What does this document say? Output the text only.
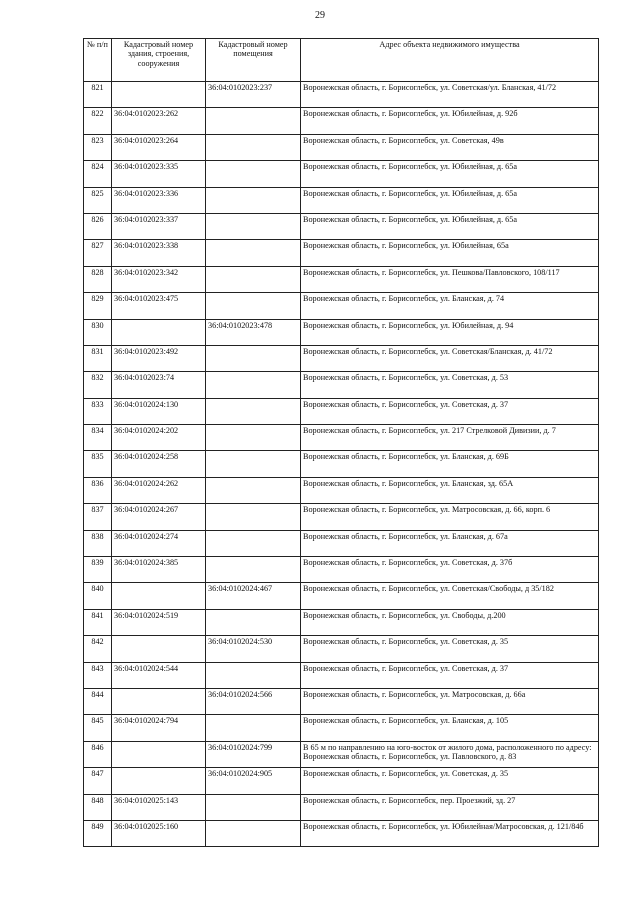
29
№ п/п	Кадастровый номер здания, строения, сооружения	Кадастровый номер помещения	Адрес объекта недвижимого имущества
821		36:04:0102023:237	Воронежская область, г. Борисоглебск, ул. Советская/ул. Бланская, 41/72
822	36:04:0102023:262		Воронежская область, г. Борисоглебск, ул. Юбилейная, д. 92б
823	36:04:0102023:264		Воронежская область, г. Борисоглебск, ул. Советская, 49в
824	36:04:0102023:335		Воронежская область, г. Борисоглебск, ул. Юбилейная, д. 65а
825	36:04:0102023:336		Воронежская область, г. Борисоглебск, ул. Юбилейная, д. 65а
826	36:04:0102023:337		Воронежская область, г. Борисоглебск, ул. Юбилейная, д. 65а
827	36:04:0102023:338		Воронежская область, г. Борисоглебск, ул. Юбилейная, 65а
828	36:04:0102023:342		Воронежская область, г. Борисоглебск, ул. Пешкова/Павловского, 108/117
829	36:04:0102023:475		Воронежская область, г. Борисоглебск, ул. Бланская, д. 74
830		36:04:0102023:478	Воронежская область, г. Борисоглебск, ул. Юбилейная, д. 94
831	36:04:0102023:492		Воронежская область, г. Борисоглебск, ул. Советская/Бланская, д. 41/72
832	36:04:0102023:74		Воронежская область, г. Борисоглебск, ул. Советская, д. 53
833	36:04:0102024:130		Воронежская область, г. Борисоглебск, ул. Советская, д. 37
834	36:04:0102024:202		Воронежская область, г. Борисоглебск, ул. 217 Стрелковой Дивизии, д. 7
835	36:04:0102024:258		Воронежская область, г. Борисоглебск, ул. Бланская, д. 69Б
836	36:04:0102024:262		Воронежская область, г. Борисоглебск, ул. Бланская, зд. 65А
837	36:04:0102024:267		Воронежская область, г. Борисоглебск, ул. Матросовская, д. 66, корп. 6
838	36:04:0102024:274		Воронежская область, г. Борисоглебск, ул. Бланская, д. 67а
839	36:04:0102024:385		Воронежская область, г. Борисоглебск, ул. Советская, д. 37б
840		36:04:0102024:467	Воронежская область, г. Борисоглебск, ул. Советская/Свободы, д 35/182
841	36:04:0102024:519		Воронежская область, г. Борисоглебск, ул. Свободы, д.200
842		36:04:0102024:530	Воронежская область, г. Борисоглебск, ул. Советская, д. 35
843	36:04:0102024:544		Воронежская область, г. Борисоглебск, ул. Советская, д. 37
844		36:04:0102024:566	Воронежская область, г. Борисоглебск, ул. Матросовская, д. 66а
845	36:04:0102024:794		Воронежская область, г. Борисоглебск, ул. Бланская, д. 105
846		36:04:0102024:799	В 65 м по направлению на юго-восток от жилого дома, расположенного по адресу: Воронежская область, г. Борисоглебск, ул. Павловского, д. 83
847		36:04:0102024:905	Воронежская область, г. Борисоглебск, ул. Советская, д. 35
848	36:04:0102025:143		Воронежская область, г. Борисоглебск, пер. Проезжий, зд. 27
849	36:04:0102025:160		Воронежская область, г. Борисоглебск, ул. Юбилейная/Матросовская, д. 121/84б
